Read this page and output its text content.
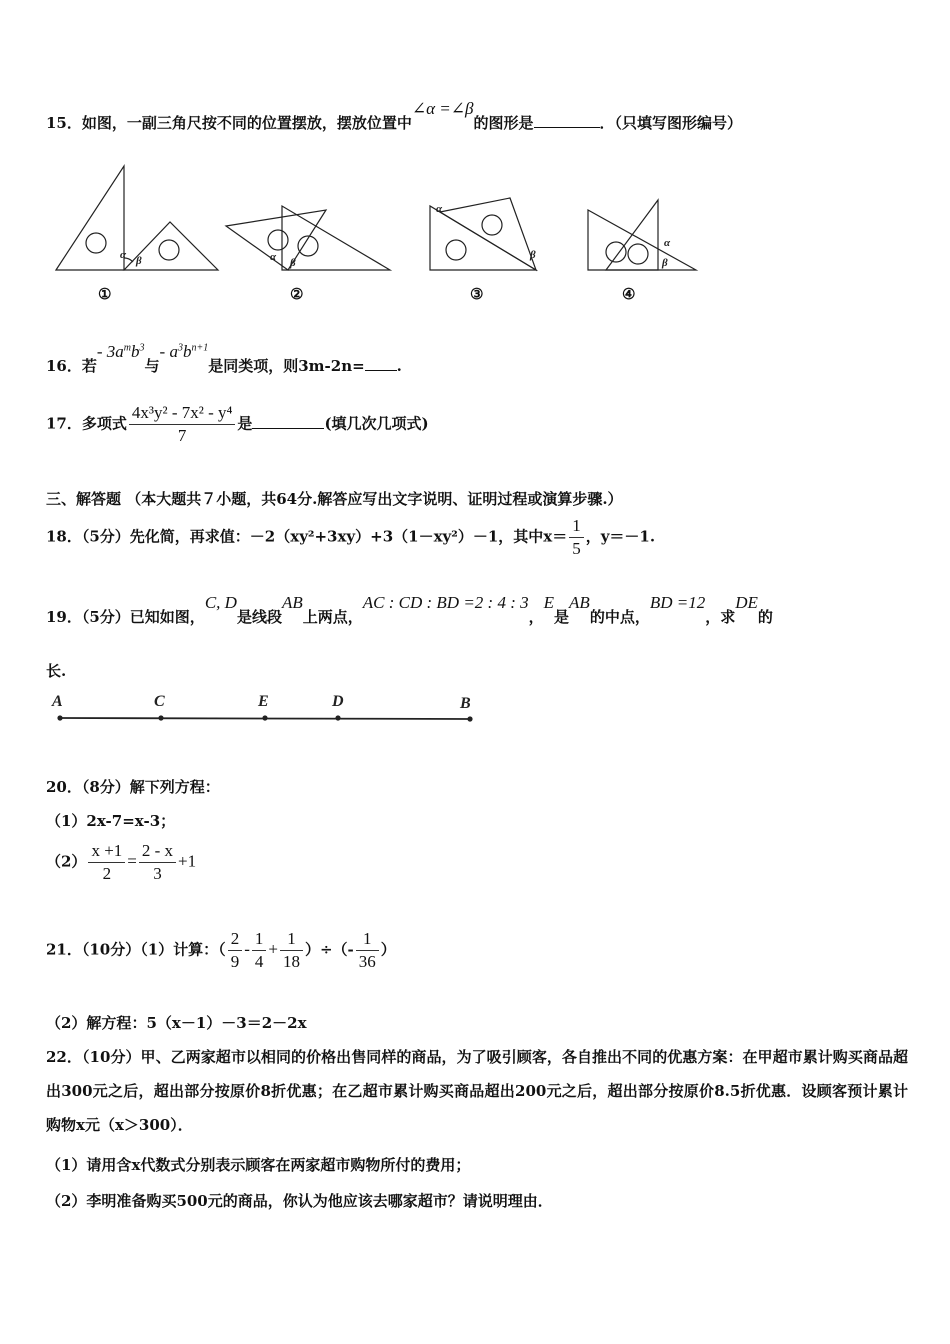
15．如图，一副三角尺按不同的位置摆放，摆放位置中∠α =∠β的图形是	．（只填写图形编号）
α β	α β
α
β
α
β
①	②	③	④
16．若- $3a^mb^3$与- $a^3b^{n+1}$是同类项，则3m-2n= .
17．多项式 $\frac{\text{4x³y² - 7x² - y⁴}}{7}$ 是	(填几次几项式)
三、解答题 （本大题共７小题，共64分.解答应写出文字说明、证明过程或演算步骤.）
18．（5分）先化简，再求值：－2（xy²+3xy）+3（1－xy²）－1，其中$x= \frac{1}{5}$ ，y＝－1.
19．（5分）已知如图，C, D是线段AB上两点，AC : CD : BD =2 : 4 : 3，E是AB的中点，BD =12，求DE的
长.
A	C	E	D	B
20．（8分）解下列方程：
（1）2x-7=x-3；
$(2) \frac{x +1}{2} = \frac{2 - x}{3} +1$
21．（10分）（1）计算：（ $\frac{2}{9} - \frac{1}{4} + \frac{1}{18}$ ）÷（- $\frac{1}{36}$ ）
（2）解方程：5（x－1）－3＝2－2x
22．（10分）甲、乙两家超市以相同的价格出售同样的商品，为了吸引顾客，各自推出不同的优惠方案：在甲超市累计购买商品超出300元之后，超出部分按原价8折优惠；在乙超市累计购买商品超出200元之后，超出部分按原价8.5折优惠．设顾客预计累计购物x元（x＞300）．
（1）请用含x代数式分别表示顾客在两家超市购物所付的费用；
（2）李明准备购买500元的商品，你认为他应该去哪家超市？请说明理由．
